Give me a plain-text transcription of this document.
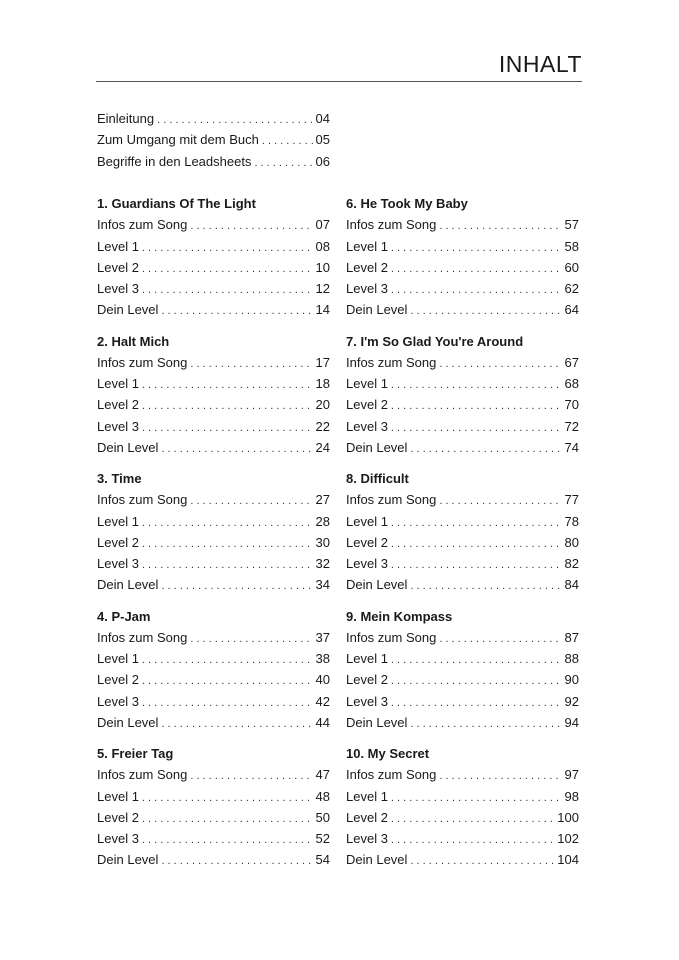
INHALT
Einleitung . . .	04
Zum Umgang mit dem Buch . . .	05
Begriffe in den Leadsheets . . .	06
1. Guardians Of The Light
Infos zum Song . . .	07
Level 1 . . .	08
Level 2 . . .	10
Level 3 . . .	12
Dein Level . . .	14
2. Halt Mich
Infos zum Song . . .	17
Level 1 . . .	18
Level 2 . . .	20
Level 3 . . .	22
Dein Level . . .	24
3. Time
Infos zum Song . . .	27
Level 1 . . .	28
Level 2 . . .	30
Level 3 . . .	32
Dein Level . . .	34
4. P-Jam
Infos zum Song . . .	37
Level 1 . . .	38
Level 2 . . .	40
Level 3 . . .	42
Dein Level . . .	44
5. Freier Tag
Infos zum Song . . .	47
Level 1 . . .	48
Level 2 . . .	50
Level 3 . . .	52
Dein Level . . .	54
6. He Took My Baby
Infos zum Song . . .	57
Level 1 . . .	58
Level 2 . . .	60
Level 3 . . .	62
Dein Level . . .	64
7. I'm So Glad You're Around
Infos zum Song . . .	67
Level 1 . . .	68
Level 2 . . .	70
Level 3 . . .	72
Dein Level . . .	74
8. Difficult
Infos zum Song . . .	77
Level 1 . . .	78
Level 2 . . .	80
Level 3 . . .	82
Dein Level . . .	84
9. Mein Kompass
Infos zum Song . . .	87
Level 1 . . .	88
Level 2 . . .	90
Level 3 . . .	92
Dein Level . . .	94
10. My Secret
Infos zum Song . . .	97
Level 1 . . .	98
Level 2 . . .	100
Level 3 . . .	102
Dein Level . . .	104
